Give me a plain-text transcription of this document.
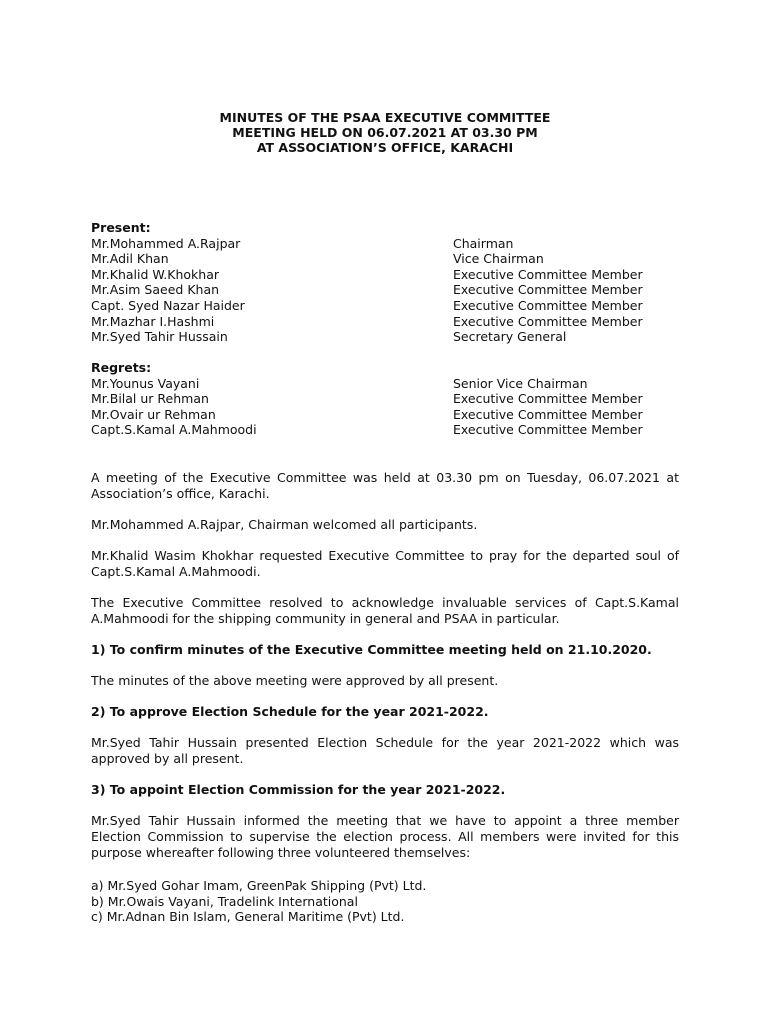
MINUTES OF THE PSAA EXECUTIVE COMMITTEE
MEETING HELD ON 06.07.2021 AT 03.30 PM
AT ASSOCIATION’S OFFICE, KARACHI
Present:
Mr.Mohammed A.Rajpar	Chairman
Mr.Adil Khan	Vice Chairman
Mr.Khalid W.Khokhar	Executive Committee Member
Mr.Asim Saeed Khan	Executive Committee Member
Capt. Syed Nazar Haider	Executive Committee Member
Mr.Mazhar I.Hashmi	Executive Committee Member
Mr.Syed Tahir Hussain	Secretary General
Regrets:
Mr.Younus Vayani	Senior Vice Chairman
Mr.Bilal ur Rehman	Executive Committee Member
Mr.Ovair ur Rehman	Executive Committee Member
Capt.S.Kamal A.Mahmoodi	Executive Committee Member

A meeting of the Executive Committee was held at 03.30 pm on Tuesday, 06.07.2021 at Association’s office, Karachi.

Mr.Mohammed A.Rajpar, Chairman welcomed all participants.

Mr.Khalid Wasim Khokhar requested Executive Committee to pray for the departed soul of Capt.S.Kamal A.Mahmoodi.

The Executive Committee resolved to acknowledge invaluable services of Capt.S.Kamal A.Mahmoodi for the shipping community in general and PSAA in particular.

1) To confirm minutes of the Executive Committee meeting held on 21.10.2020.

The minutes of the above meeting were approved by all present.

2) To approve Election Schedule for the year 2021-2022.

Mr.Syed Tahir Hussain presented Election Schedule for the year 2021-2022 which was approved by all present.

3) To appoint Election Commission for the year 2021-2022.

Mr.Syed Tahir Hussain informed the meeting that we have to appoint a three member Election Commission to supervise the election process. All members were invited for this purpose whereafter following three volunteered themselves:

a) Mr.Syed Gohar Imam, GreenPak Shipping (Pvt) Ltd.
b) Mr.Owais Vayani, Tradelink International
c) Mr.Adnan Bin Islam, General Maritime (Pvt) Ltd.
